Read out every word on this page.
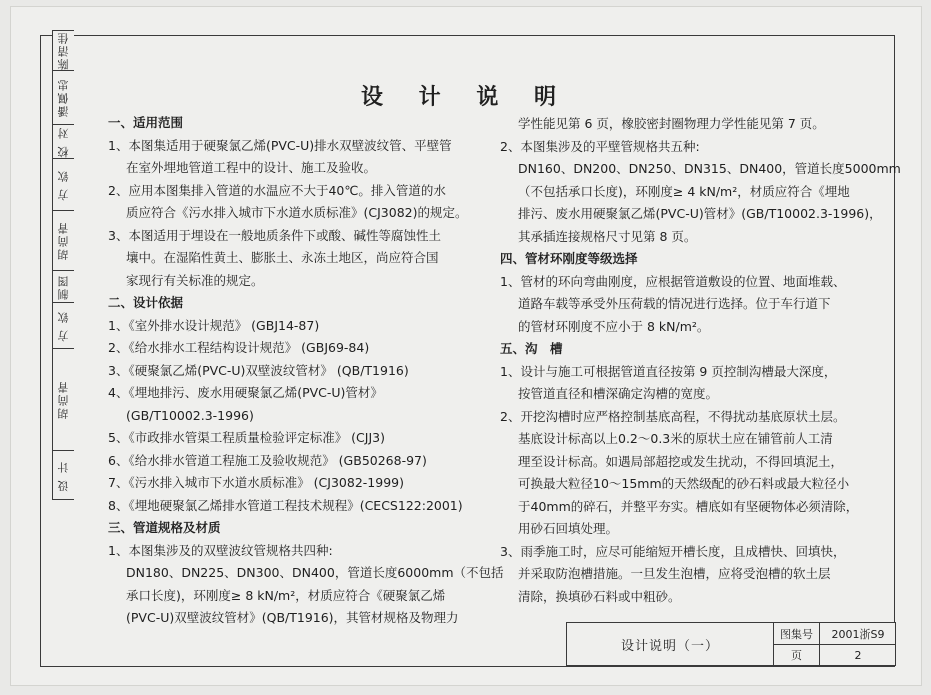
陈清佳
潘佩忠
校 对
方 钦
胡尚青
制图
方 钦
胡尚青
设 计
设 计 说 明
一、适用范围
1、本图集适用于硬聚氯乙烯(PVC-U)排水双壁波纹管、平壁管
在室外埋地管道工程中的设计、施工及验收。
2、应用本图集排入管道的水温应不大于40℃。排入管道的水
质应符合《污水排入城市下水道水质标准》(CJ3082)的规定。
3、本图适用于埋设在一般地质条件下或酸、碱性等腐蚀性土
壤中。在湿陷性黄土、膨胀土、永冻土地区，尚应符合国
家现行有关标准的规定。
二、设计依据
1、《室外排水设计规范》 (GBJ14-87)
2、《给水排水工程结构设计规范》 (GBJ69-84)
3、《硬聚氯乙烯(PVC-U)双壁波纹管材》 (QB/T1916)
4、《埋地排污、废水用硬聚氯乙烯(PVC-U)管材》
(GB/T10002.3-1996)
5、《市政排水管渠工程质量检验评定标准》 (CJJ3)
6、《给水排水管道工程施工及验收规范》 (GB50268-97)
7、《污水排入城市下水道水质标准》 (CJ3082-1999)
8、《埋地硬聚氯乙烯排水管道工程技术规程》(CECS122:2001)
三、管道规格及材质
1、本图集涉及的双壁波纹管规格共四种:
DN180、DN225、DN300、DN400，管道长度6000mm（不包括
承口长度)，环刚度≥ 8 kN/m²，材质应符合《硬聚氯乙烯
(PVC-U)双壁波纹管材》(QB/T1916)，其管材规格及物理力
学性能见第 6 页，橡胶密封圈物理力学性能见第 7 页。
2、本图集涉及的平壁管规格共五种:
DN160、DN200、DN250、DN315、DN400，管道长度5000mm
（不包括承口长度)，环刚度≥ 4 kN/m²，材质应符合《埋地
排污、废水用硬聚氯乙烯(PVC-U)管材》(GB/T10002.3-1996)，
其承插连接规格尺寸见第 8 页。
四、管材环刚度等级选择
1、管材的环向弯曲刚度，应根据管道敷设的位置、地面堆载、
道路车载等承受外压荷载的情况进行选择。位于车行道下
的管材环刚度不应小于 8 kN/m²。
五、沟　槽
1、设计与施工可根据管道直径按第 9 页控制沟槽最大深度，
按管道直径和槽深确定沟槽的宽度。
2、开挖沟槽时应严格控制基底高程，不得扰动基底原状土层。
基底设计标高以上0.2～0.3米的原状土应在铺管前人工清
理至设计标高。如遇局部超挖或发生扰动，不得回填泥土，
可换最大粒径10～15mm的天然级配的砂石料或最大粒径小
于40mm的碎石，并整平夯实。槽底如有坚硬物体必须清除，
用砂石回填处理。
3、雨季施工时，应尽可能缩短开槽长度，且成槽快、回填快，
并采取防泡槽措施。一旦发生泡槽，应将受泡槽的软土层
清除，换填砂石料或中粗砂。
设计说明（一）
图集号	2001浙S9
页	2
